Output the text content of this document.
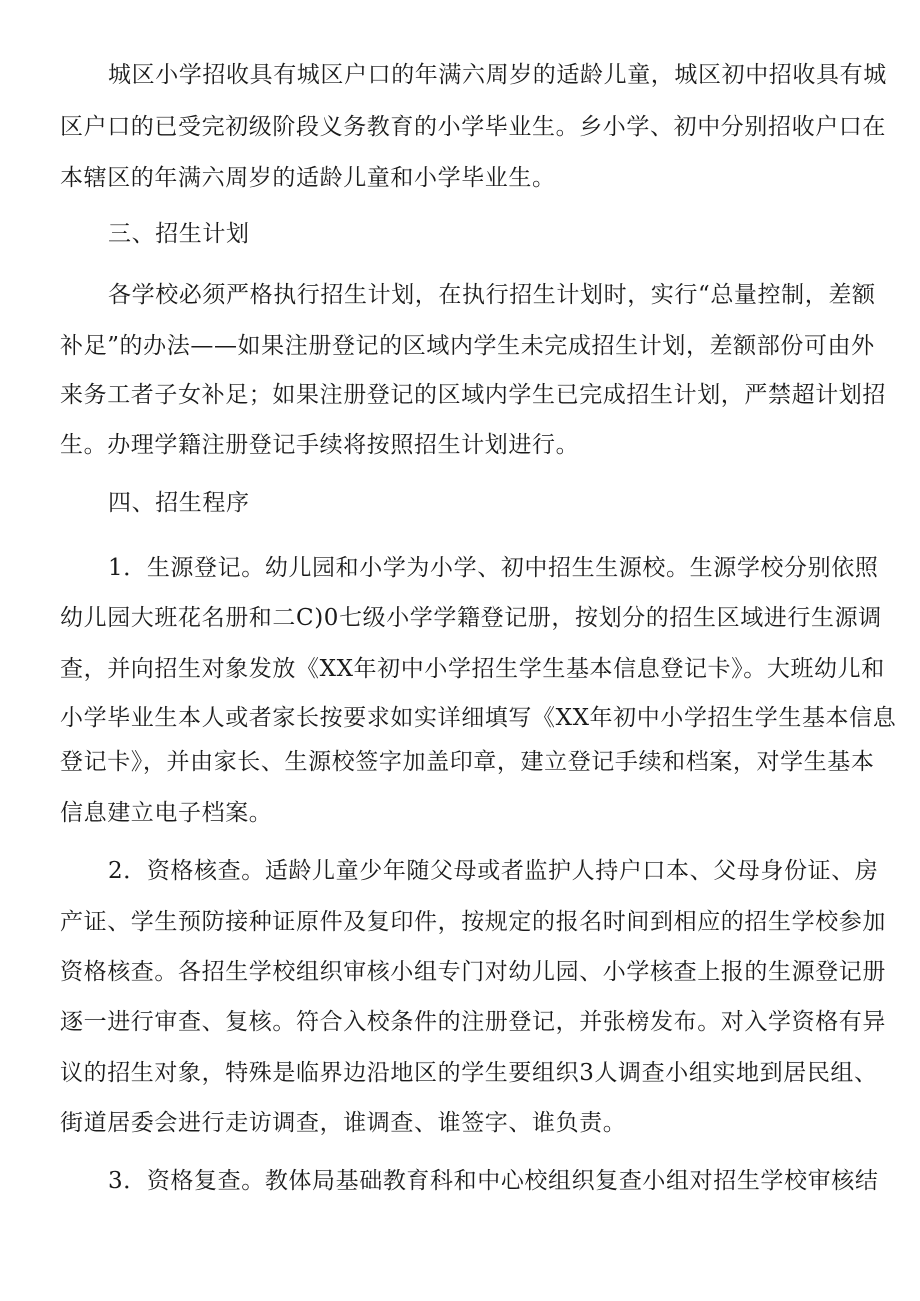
城区小学招收具有城区户口的年满六周岁的适龄儿童，城区初中招收具有城
区户口的已受完初级阶段义务教育的小学毕业生。乡小学、初中分别招收户口在
本辖区的年满六周岁的适龄儿童和小学毕业生。
三、招生计划
各学校必须严格执行招生计划，在执行招生计划时，实行“总量控制，差额
补足”的办法——如果注册登记的区域内学生未完成招生计划，差额部份可由外
来务工者子女补足；如果注册登记的区域内学生已完成招生计划，严禁超计划招
生。办理学籍注册登记手续将按照招生计划进行。
四、招生程序
1．生源登记。幼儿园和小学为小学、初中招生生源校。生源学校分别依照
幼儿园大班花名册和二C)0七级小学学籍登记册，按划分的招生区域进行生源调
查，并向招生对象发放《XX年初中小学招生学生基本信息登记卡》。大班幼儿和
小学毕业生本人或者家长按要求如实详细填写《XX年初中小学招生学生基本信息
登记卡》，并由家长、生源校签字加盖印章，建立登记手续和档案，对学生基本
信息建立电子档案。
2．资格核查。适龄儿童少年随父母或者监护人持户口本、父母身份证、房
产证、学生预防接种证原件及复印件，按规定的报名时间到相应的招生学校参加
资格核查。各招生学校组织审核小组专门对幼儿园、小学核查上报的生源登记册
逐一进行审查、复核。符合入校条件的注册登记，并张榜发布。对入学资格有异
议的招生对象，特殊是临界边沿地区的学生要组织3人调查小组实地到居民组、
街道居委会进行走访调查，谁调查、谁签字、谁负责。
3．资格复查。教体局基础教育科和中心校组织复查小组对招生学校审核结
